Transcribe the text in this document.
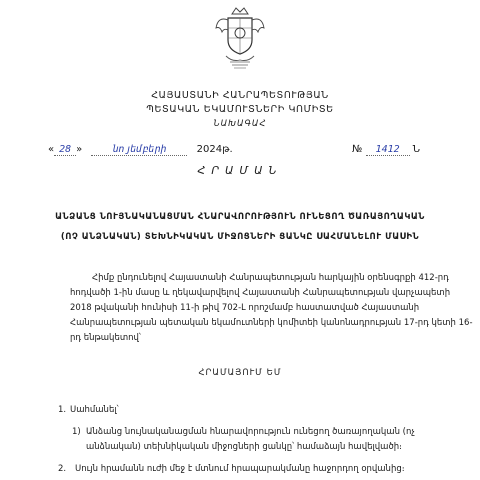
ՀԱՅԱՍՏԱՆԻ ՀԱՆՐԱՊԵՏՈՒԹՅԱՆ
ՊԵՏԱԿԱՆ ԵԿԱՄՈՒՏՆԵՐԻ ԿՈՄԻՏԵ
ՆԱԽԱԳԱՀ
« 28 »	նոյեմբերի	2024թ.	№ 1412 Ն
ՀՐԱՄԱՆ
ԱՆՁԱՆՑ ՆՈՒՅՆԱԿԱՆԱՑՄԱՆ ՀՆԱՐԱՎՈՐՈՒԹՅՈՒՆ ՈՒՆԵՑՈՂ ԾԱՌԱՅՈՂԱԿԱՆ
(ՈՉ ԱՆՁՆԱԿԱՆ) ՏԵԽՆԻԿԱԿԱՆ ՄԻՋՈՑՆԵՐԻ ՑԱՆԿԸ ՍԱՀՄԱՆԵԼՈՒ ՄԱՍԻՆ
Հիմք ընդունելով Հայաստանի Հանրապետության հարկային օրենսգրքի 412-րդ
հոդվածի 1-ին մասը և ղեկավարվելով Հայաստանի Հանրապետության վարչապետի
2018 թվականի հունիսի 11-ի թիվ 702-Լ որոշմամբ հաստատված Հայաստանի
Հանրապետության պետական եկամուտների կոմիտեի կանոնադրության 17-րդ կետի 16-
րդ ենթակետով՝
ՀՐԱՄԱՅՈՒՄ ԵՄ
1. Սահմանել՝
1) Անձանց նույնականացման հնարավորություն ունեցող ծառայողական (ոչ
անձնական) տեխնիկական միջոցների ցանկը՝ համաձայն հավելվածի։
2. Սույն հրամանն ուժի մեջ է մտնում հրապարակմանը հաջորդող օրվանից։
